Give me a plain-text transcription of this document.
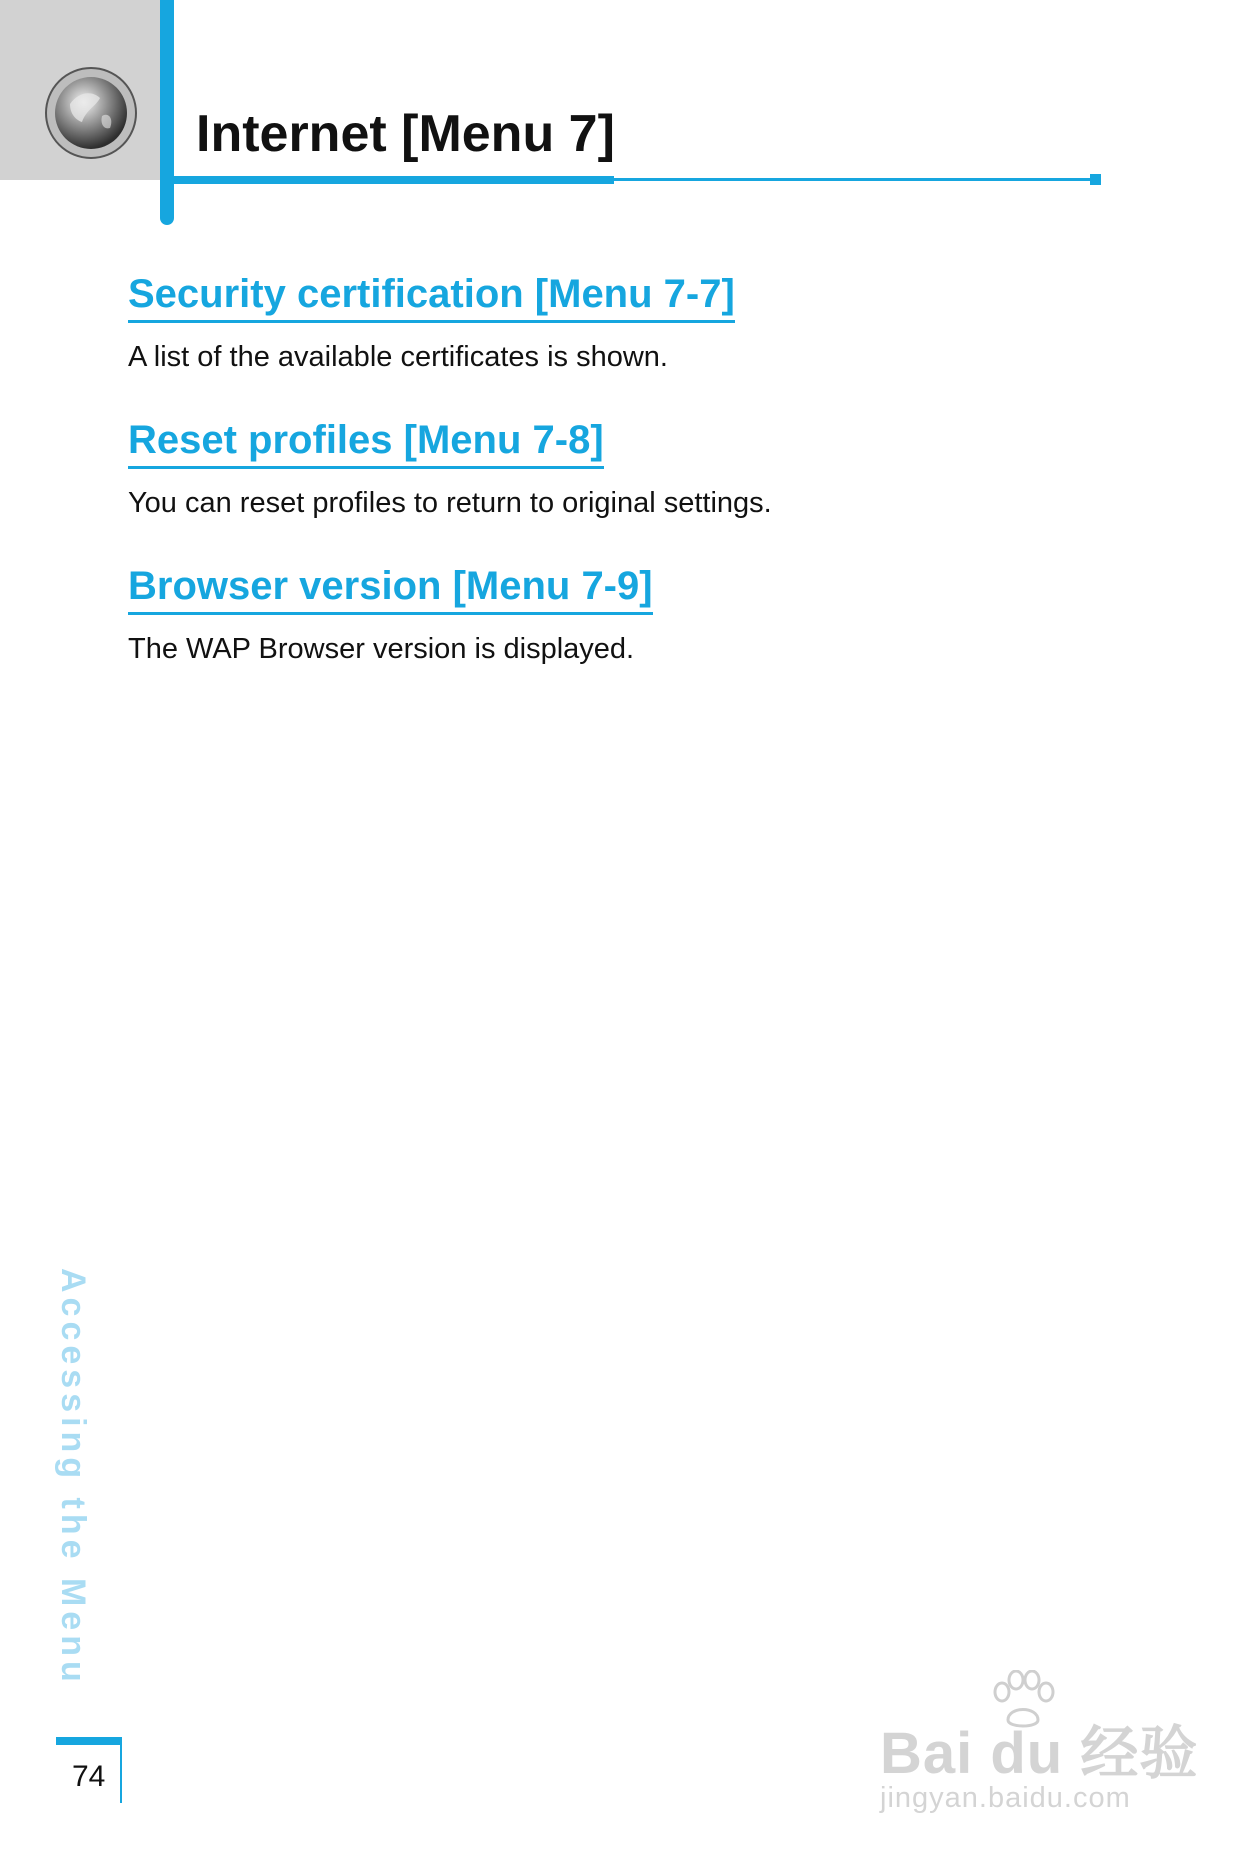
Internet [Menu 7]
Security certification [Menu 7-7]

A list of the available certificates is shown.

Reset profiles [Menu 7-8]

You can reset profiles to return to original settings.

Browser version [Menu 7-9]

The WAP Browser version is displayed.

Accessing the Menu
74	Bai du 经验
jingyan.baidu.com
